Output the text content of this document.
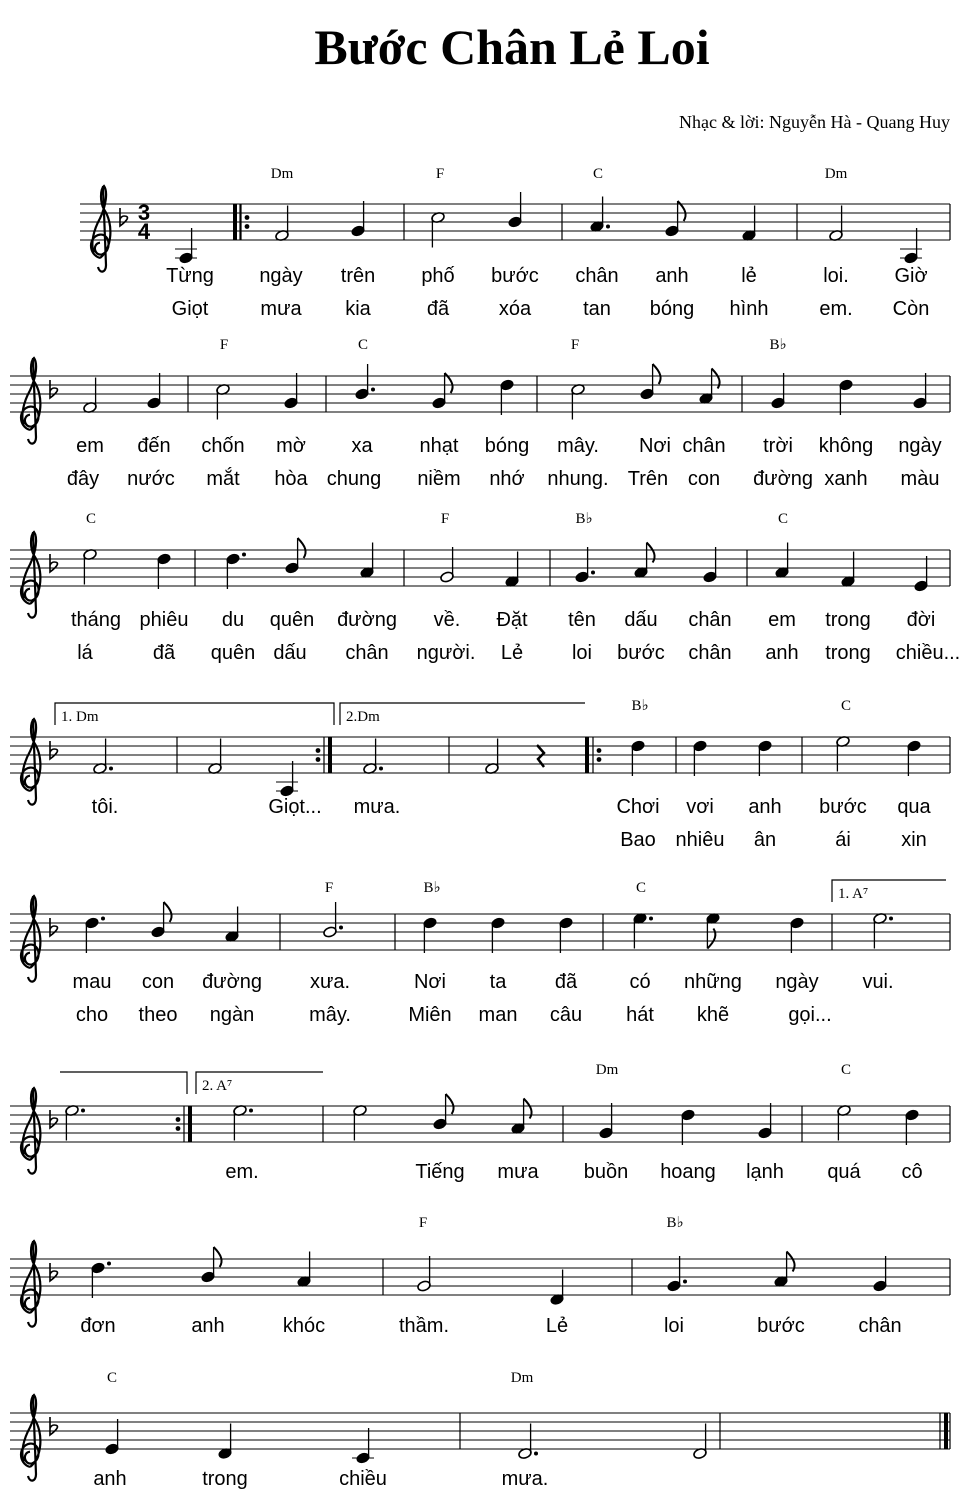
Bước Chân Lẻ Loi
Nhạc & lời: Nguyễn Hà - Quang Huy
3
4
Dm	F	C	Dm
Từng ngày trên phố bước chân anh	lẻ	loi. Giờ
Giọt	mưa kia	đã xóa	tan bóng hình	em. Còn
F	C	F	B♭
em đến chốn mờ xa nhạt bóng mây. Nơi chân trời không ngày
đây nước mắt hòa chung niềm nhớ nhung. Trên con đường xanh màu
C	F	B♭	C
tháng phiêu du quên đường về. Đặt tên dấu chân em trong đời
lá	đã quên dấu chân người. Lẻ loi bước chân anh trong chiều...
1. Dm	2.Dm
B♭	C
tôi.	Giọt... mưa.	Chơi vơi anh bước qua
Bao nhiêu ân	ái	xin
1. A⁷
F	B♭	C
mau con đường xưa.	Nơi ta đã	có những ngày vui.
cho theo ngàn	mây.	Miên man câu hát khẽ	gọi...
2. A⁷
Dm	C
em.	Tiếng mưa buồn hoang lạnh quá cô
F	B♭
đơn	anh	khóc	thầm.	Lẻ	loi	bước	chân
C	Dm
anh	trong	chiều	mưa.
